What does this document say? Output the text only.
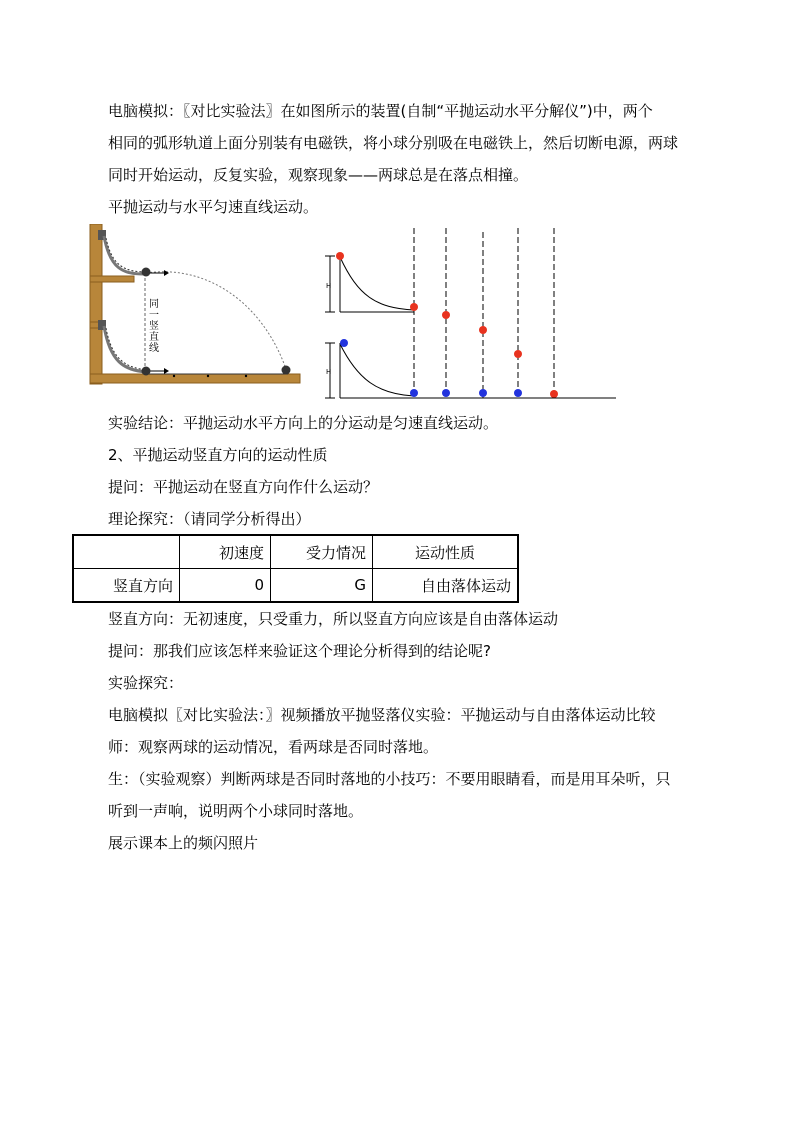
电脑模拟：〖对比实验法〗在如图所示的装置(自制“平抛运动水平分解仪”)中，两个
相同的弧形轨道上面分别装有电磁铁，将小球分别吸在电磁铁上，然后切断电源，两球
同时开始运动，反复实验，观察现象——两球总是在落点相撞。
平抛运动与水平匀速直线运动。
同
一
竖
直
线
H
H
实验结论：平抛运动水平方向上的分运动是匀速直线运动。
2、平抛运动竖直方向的运动性质
提问：平抛运动在竖直方向作什么运动？
理论探究：（请同学分析得出）
	初速度	受力情况	运动性质
竖直方向	0	G	自由落体运动
竖直方向：无初速度，只受重力，所以竖直方向应该是自由落体运动
提问：那我们应该怎样来验证这个理论分析得到的结论呢?
实验探究：
电脑模拟〖对比实验法：〗视频播放平抛竖落仪实验：平抛运动与自由落体运动比较
师：观察两球的运动情况，看两球是否同时落地。
生：（实验观察）判断两球是否同时落地的小技巧：不要用眼睛看，而是用耳朵听，只
听到一声响，说明两个小球同时落地。
展示课本上的频闪照片
